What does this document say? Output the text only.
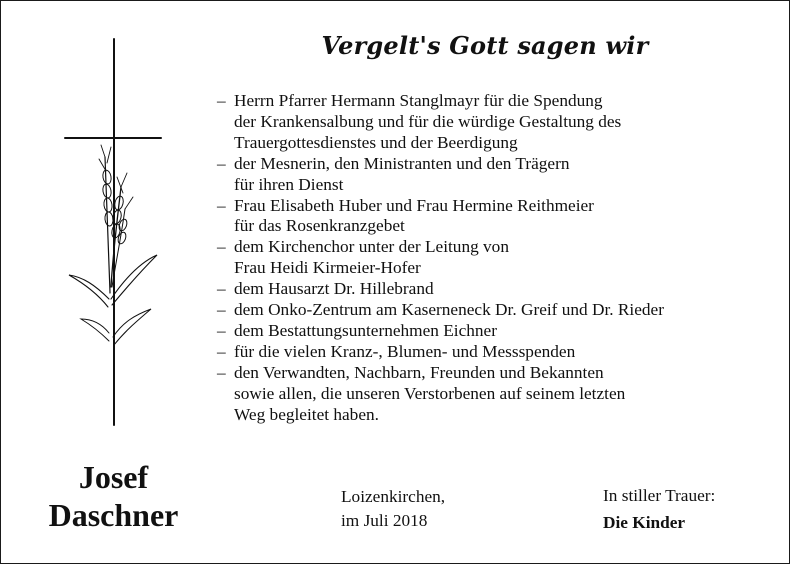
Vergelt's Gott sagen wir
– Herrn Pfarrer Hermann Stanglmayr für die Spendung
der Krankensalbung und für die würdige Gestaltung des
Trauergottesdienstes und der Beerdigung
– der Mesnerin, den Ministranten und den Trägern
für ihren Dienst
– Frau Elisabeth Huber und Frau Hermine Reithmeier
für das Rosenkranzgebet
– dem Kirchenchor unter der Leitung von
Frau Heidi Kirmeier-Hofer
– dem Hausarzt Dr. Hillebrand
– dem Onko-Zentrum am Kaserneneck Dr. Greif und Dr. Rieder
– dem Bestattungsunternehmen Eichner
– für die vielen Kranz-, Blumen- und Messspenden
– den Verwandten, Nachbarn, Freunden und Bekannten
sowie allen, die unseren Verstorbenen auf seinem letzten
Weg begleitet haben.
Josef
Daschner
Loizenkirchen,
im Juli 2018
In stiller Trauer:
Die Kinder
